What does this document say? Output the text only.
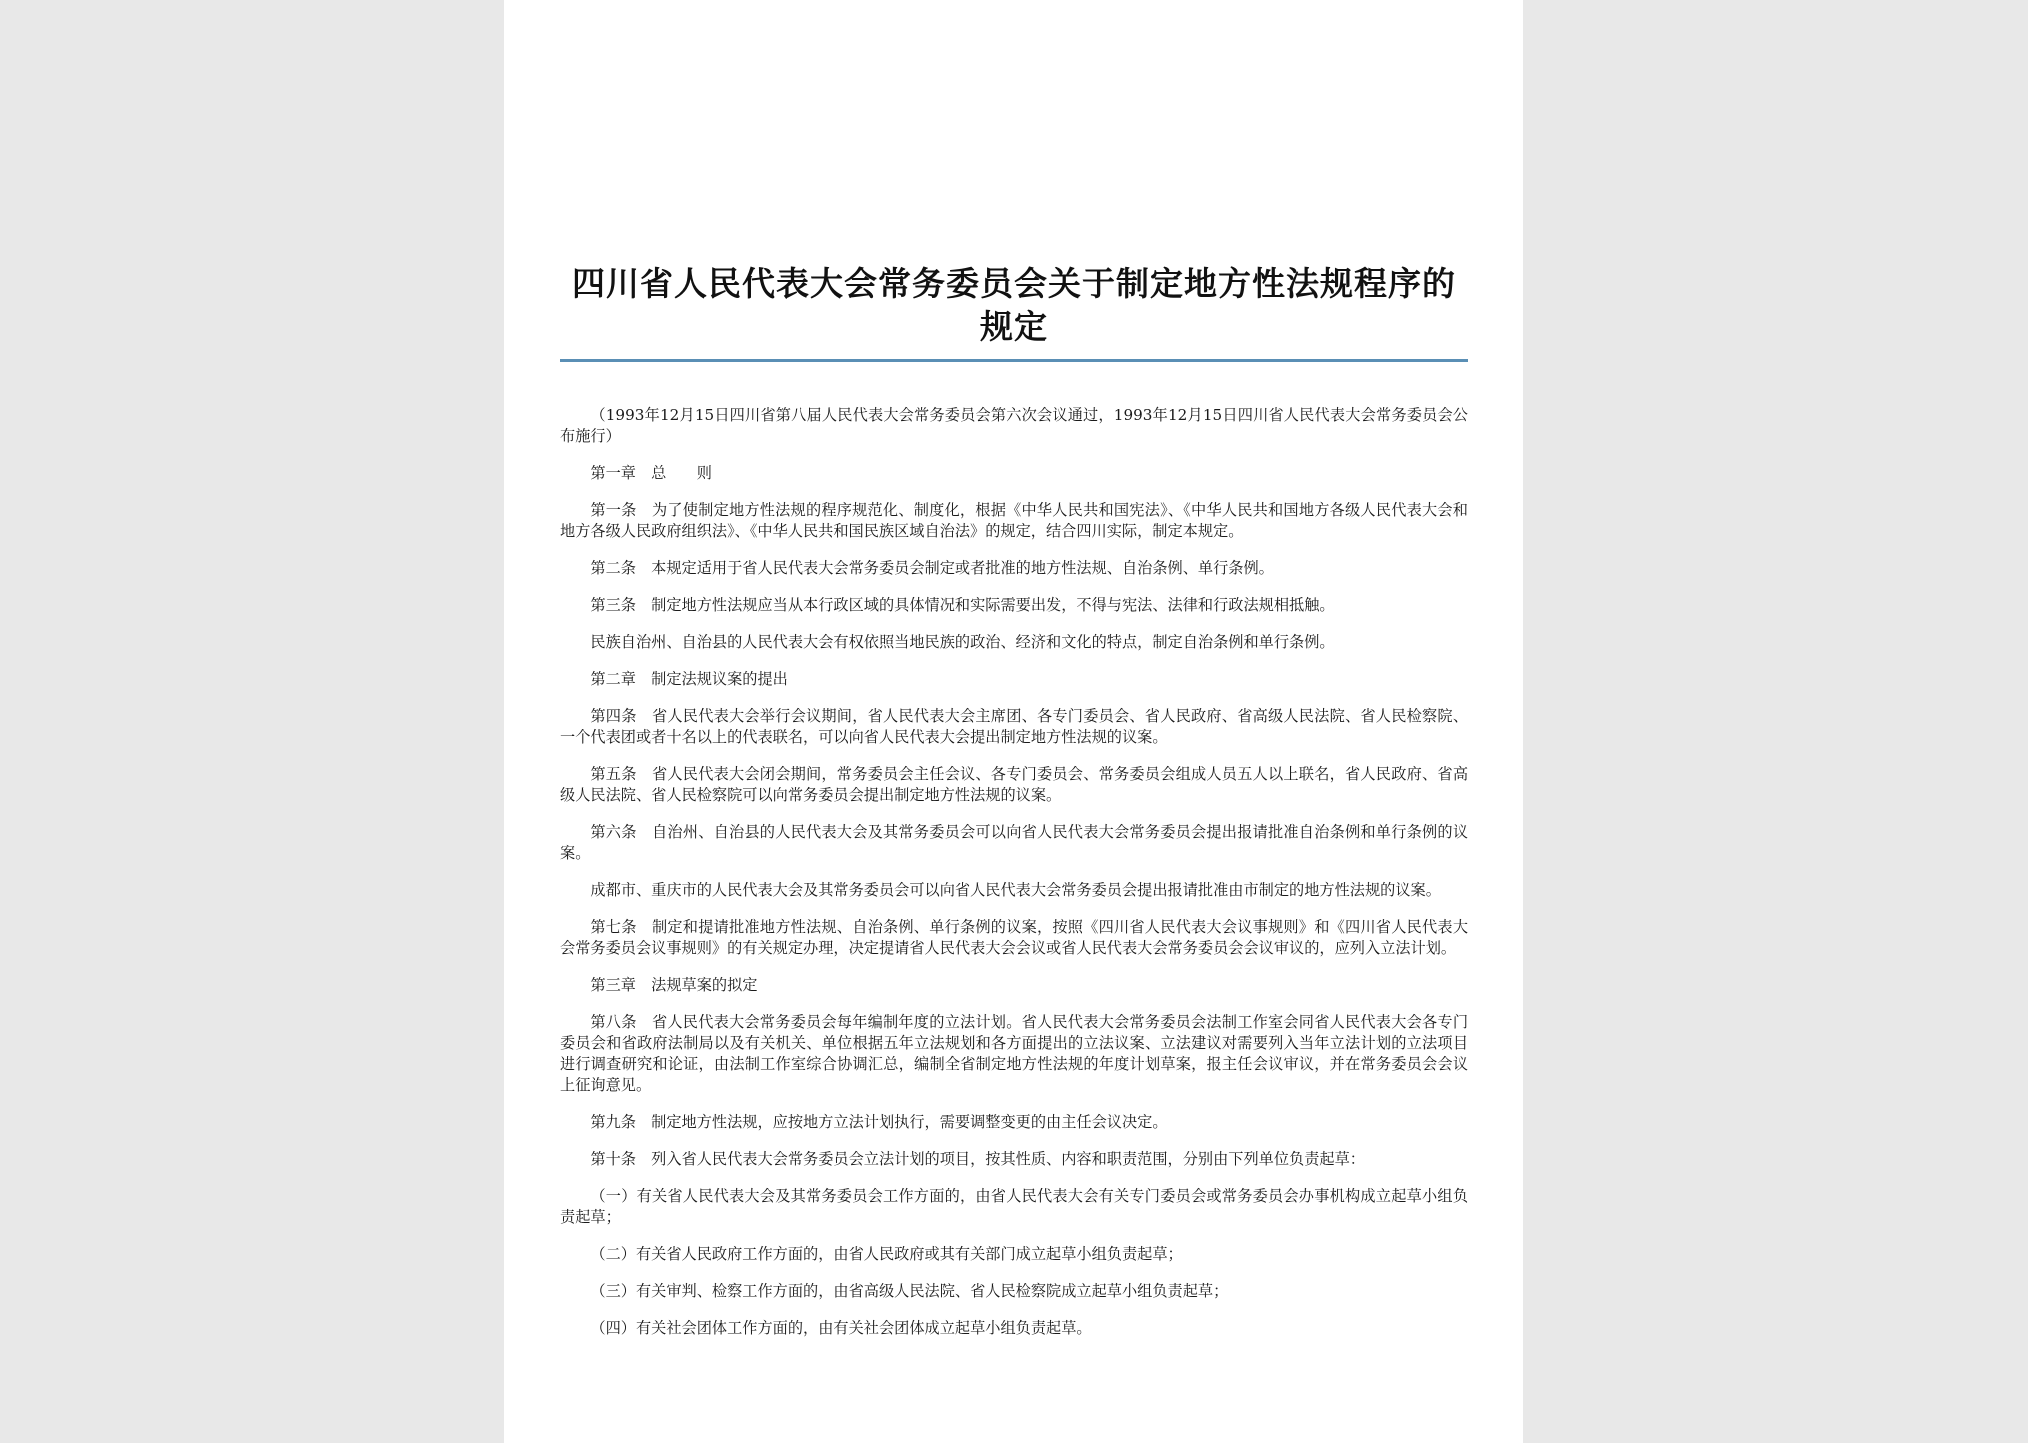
四川省人民代表大会常务委员会关于制定地方性法规程序的规定

（1993年12月15日四川省第八届人民代表大会常务委员会第六次会议通过，1993年12月15日四川省人民代表大会常务委员会公布施行）

第一章　总　　则

第一条　为了使制定地方性法规的程序规范化、制度化，根据《中华人民共和国宪法》、《中华人民共和国地方各级人民代表大会和地方各级人民政府组织法》、《中华人民共和国民族区域自治法》的规定，结合四川实际，制定本规定。

第二条　本规定适用于省人民代表大会常务委员会制定或者批准的地方性法规、自治条例、单行条例。

第三条　制定地方性法规应当从本行政区域的具体情况和实际需要出发，不得与宪法、法律和行政法规相抵触。

民族自治州、自治县的人民代表大会有权依照当地民族的政治、经济和文化的特点，制定自治条例和单行条例。

第二章　制定法规议案的提出

第四条　省人民代表大会举行会议期间，省人民代表大会主席团、各专门委员会、省人民政府、省高级人民法院、省人民检察院、一个代表团或者十名以上的代表联名，可以向省人民代表大会提出制定地方性法规的议案。

第五条　省人民代表大会闭会期间，常务委员会主任会议、各专门委员会、常务委员会组成人员五人以上联名，省人民政府、省高级人民法院、省人民检察院可以向常务委员会提出制定地方性法规的议案。

第六条　自治州、自治县的人民代表大会及其常务委员会可以向省人民代表大会常务委员会提出报请批准自治条例和单行条例的议案。

成都市、重庆市的人民代表大会及其常务委员会可以向省人民代表大会常务委员会提出报请批准由市制定的地方性法规的议案。

第七条　制定和提请批准地方性法规、自治条例、单行条例的议案，按照《四川省人民代表大会议事规则》和《四川省人民代表大会常务委员会议事规则》的有关规定办理，决定提请省人民代表大会会议或省人民代表大会常务委员会会议审议的，应列入立法计划。

第三章　法规草案的拟定

第八条　省人民代表大会常务委员会每年编制年度的立法计划。省人民代表大会常务委员会法制工作室会同省人民代表大会各专门委员会和省政府法制局以及有关机关、单位根据五年立法规划和各方面提出的立法议案、立法建议对需要列入当年立法计划的立法项目进行调查研究和论证，由法制工作室综合协调汇总，编制全省制定地方性法规的年度计划草案，报主任会议审议，并在常务委员会会议上征询意见。

第九条　制定地方性法规，应按地方立法计划执行，需要调整变更的由主任会议决定。

第十条　列入省人民代表大会常务委员会立法计划的项目，按其性质、内容和职责范围，分别由下列单位负责起草：

（一）有关省人民代表大会及其常务委员会工作方面的，由省人民代表大会有关专门委员会或常务委员会办事机构成立起草小组负责起草；

（二）有关省人民政府工作方面的，由省人民政府或其有关部门成立起草小组负责起草；

（三）有关审判、检察工作方面的，由省高级人民法院、省人民检察院成立起草小组负责起草；

（四）有关社会团体工作方面的，由有关社会团体成立起草小组负责起草。
